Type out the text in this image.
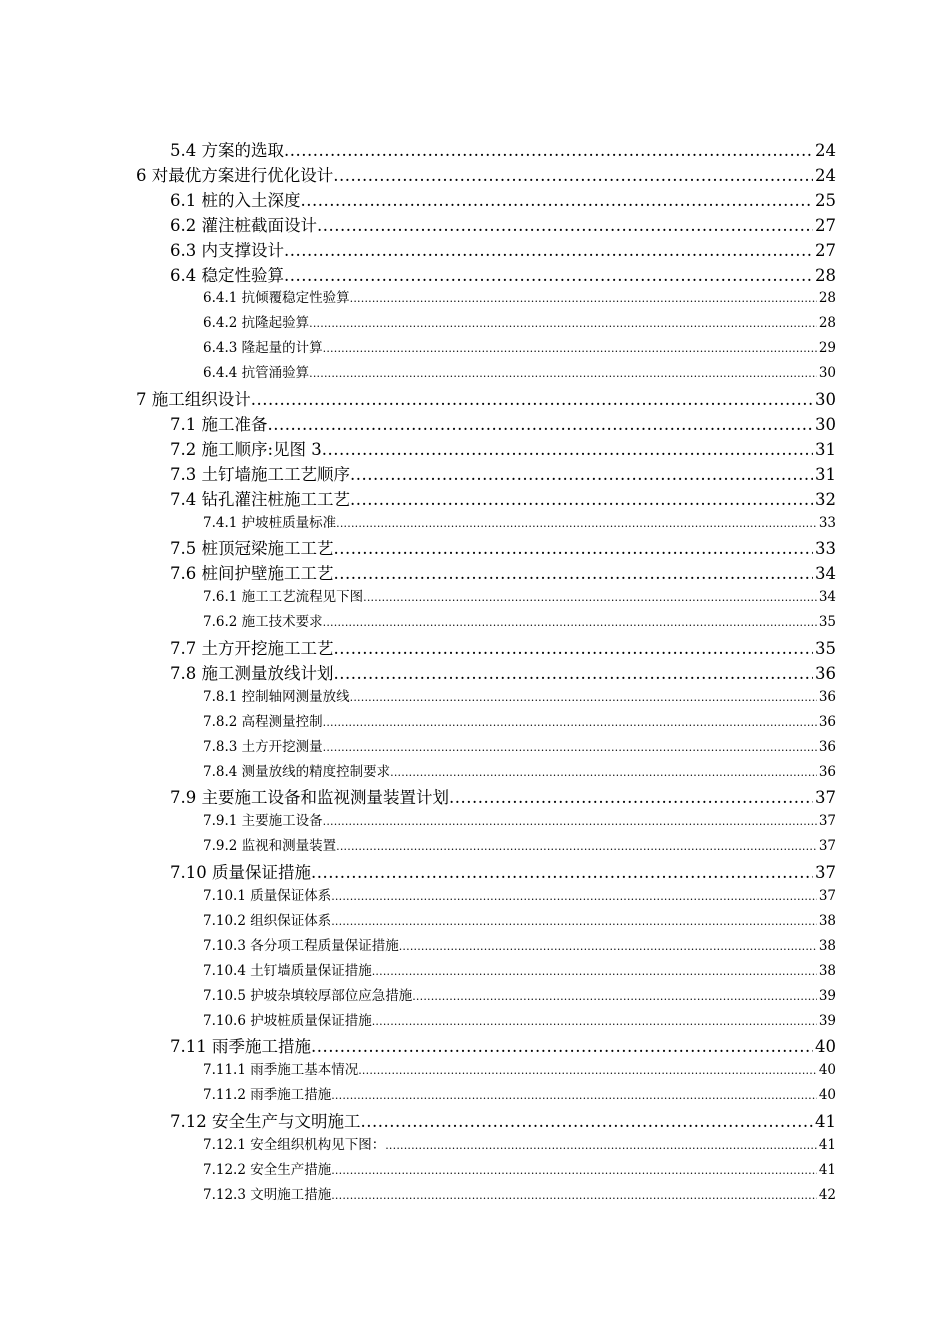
5.4 方案的选取 .....	24
6 对最优方案进行优化设计 .....	24
6.1 桩的入土深度 .....	25
6.2 灌注桩截面设计 .....	27
6.3 内支撑设计 .....	27
6.4 稳定性验算 .....	28
6.4.1 抗倾覆稳定性验算 .....	28
6.4.2 抗隆起验算 .....	28
6.4.3 隆起量的计算 .....	29
6.4.4 抗管涌验算 .....	30
7 施工组织设计 .....	30
7.1 施工准备 .....	30
7.2 施工顺序:见图 3 .....	31
7.3 土钉墙施工工艺顺序 .....	31
7.4 钻孔灌注桩施工工艺 .....	32
7.4.1 护坡桩质量标准 .....	33
7.5 桩顶冠梁施工工艺 .....	33
7.6 桩间护壁施工工艺 .....	34
7.6.1 施工工艺流程见下图 .....	34
7.6.2 施工技术要求 .....	35
7.7 土方开挖施工工艺 .....	35
7.8 施工测量放线计划 .....	36
7.8.1 控制轴网测量放线 .....	36
7.8.2 高程测量控制 .....	36
7.8.3 土方开挖测量 .....	36
7.8.4 测量放线的精度控制要求 .....	36
7.9 主要施工设备和监视测量装置计划 .....	37
7.9.1 主要施工设备 .....	37
7.9.2 监视和测量装置 .....	37
7.10 质量保证措施 .....	37
7.10.1 质量保证体系 .....	37
7.10.2 组织保证体系 .....	38
7.10.3 各分项工程质量保证措施 .....	38
7.10.4 土钉墙质量保证措施 .....	38
7.10.5 护坡杂填较厚部位应急措施 .....	39
7.10.6 护坡桩质量保证措施 .....	39
7.11 雨季施工措施 .....	40
7.11.1 雨季施工基本情况 .....	40
7.11.2 雨季施工措施 .....	40
7.12 安全生产与文明施工 .....	41
7.12.1 安全组织机构见下图： .....	41
7.12.2 安全生产措施 .....	41
7.12.3 文明施工措施 .....	42
